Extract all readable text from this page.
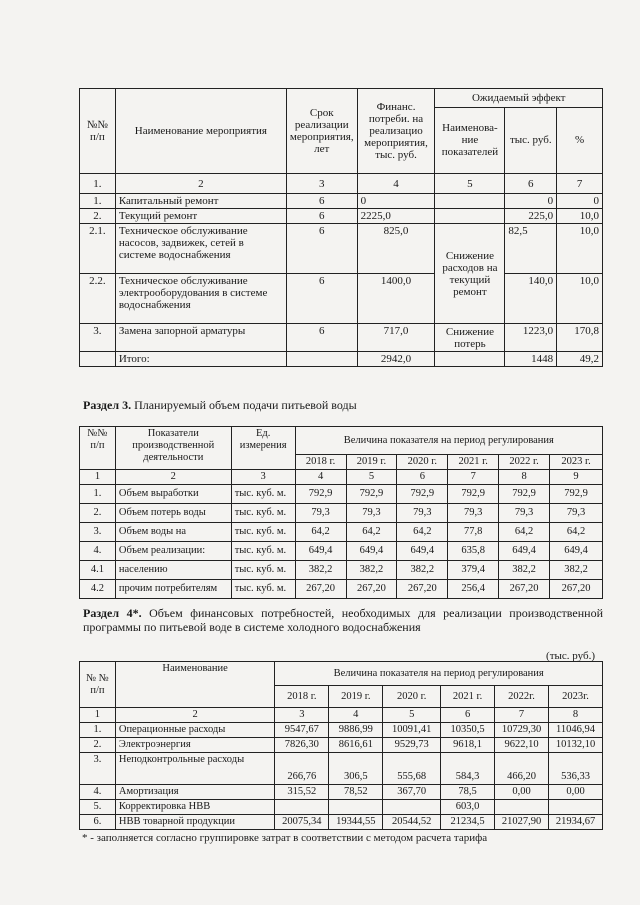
№№ п/п	Наименование мероприятия	Срок реализации мероприятия, лет	Финанс. потреби. на реализацио мероприятия, тыс. руб.	Ожидаемый эффект		
				Наименова- ние показателей	тыс. руб.	%
1.	2	3	4	5	6	7
1.	Капитальный ремонт	6	0		0	0
2.	Текущий ремонт	6	2225,0		225,0	10,0
2.1.	Техническое обслуживание насосов, задвижек, сетей в системе водоснабжения	6	825,0	Снижение расходов на текущий ремонт	82,5	10,0
2.2.	Техническое обслуживание электрооборудования в системе водоснабжения	6	1400,0		140,0	10,0
3.	Замена запорной арматуры	6	717,0	Снижение потерь	1223,0	170,8
	Итого:		2942,0		1448	49,2
Раздел 3. Планируемый объем подачи питьевой воды
№№ п/п	Показатели производственной деятельности	Ед. измерения	Величина показателя на период регулирования					
			2018 г.	2019 г.	2020 г.	2021 г.	2022 г.	2023 г.
1	2	3	4	5	6	7	8	9
1.	Объем выработки	тыс. куб. м.	792,9	792,9	792,9	792,9	792,9	792,9
2.	Объем потерь воды	тыс. куб. м.	79,3	79,3	79,3	79,3	79,3	79,3
3.	Объем воды на	тыс. куб. м.	64,2	64,2	64,2	77,8	64,2	64,2
4.	Объем реализации:	тыс. куб. м.	649,4	649,4	649,4	635,8	649,4	649,4
4.1	населению	тыс. куб. м.	382,2	382,2	382,2	379,4	382,2	382,2
4.2	прочим потребителям	тыс. куб. м.	267,20	267,20	267,20	256,4	267,20	267,20
Раздел 4*. Объем финансовых потребностей, необходимых для реализации производственной программы по питьевой воде в системе холодного водоснабжения
(тыс. руб.)
№ № п/п	Наименование	Величина показателя на период регулирования					
		2018 г.	2019 г.	2020 г.	2021 г.	2022г.	2023г.
1	2	3	4	5	6	7	8
1.	Операционные расходы	9547,67	9886,99	10091,41	10350,5	10729,30	11046,94
2.	Электроэнергия	7826,30	8616,61	9529,73	9618,1	9622,10	10132,10
3.	Неподконтрольные расходы	266,76	306,5	555,68	584,3	466,20	536,33
4.	Амортизация	315,52	78,52	367,70	78,5	0,00	0,00
5.	Корректировка НВВ				603,0		
6.	НВВ товарной продукции	20075,34	19344,55	20544,52	21234,5	21027,90	21934,67
* - заполняется согласно группировке затрат в соответствии с методом расчета тарифа
